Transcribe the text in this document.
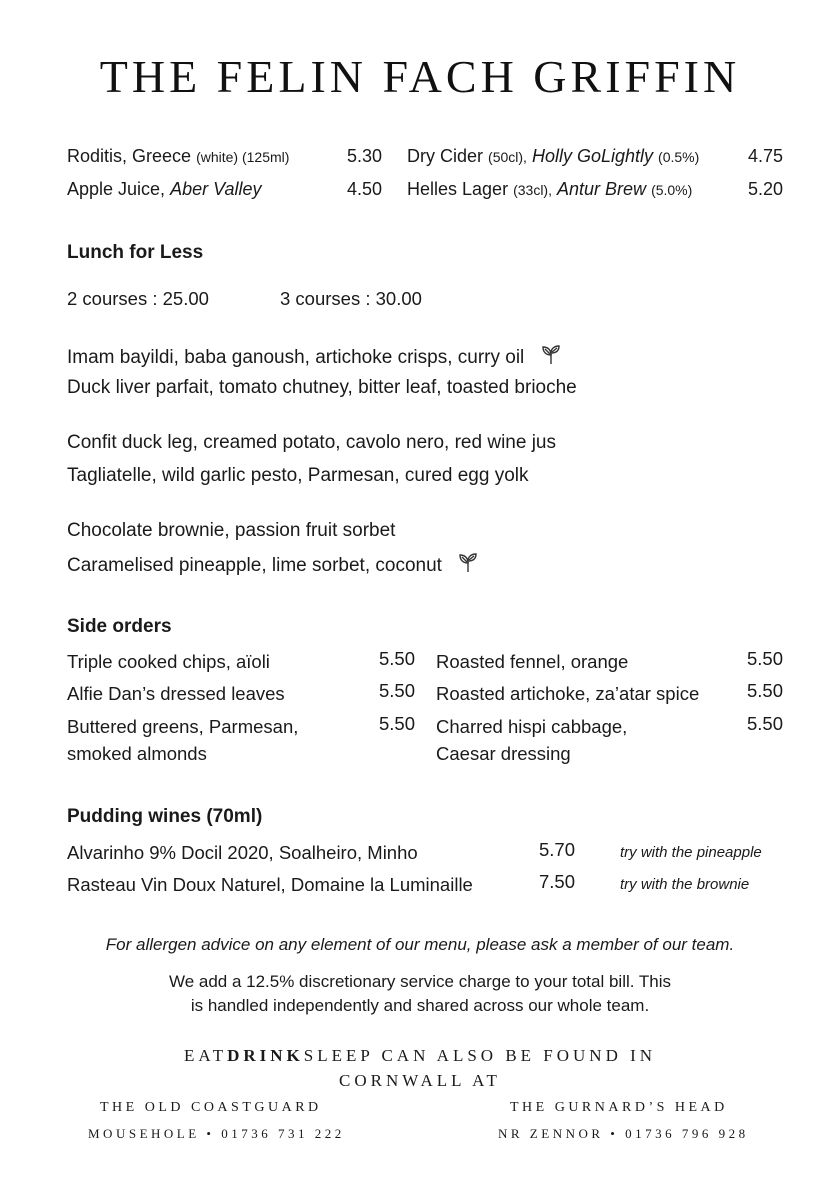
THE FELIN FACH GRIFFIN
Roditis, Greece (white) (125ml)	5.30 Dry Cider (50cl), Holly GoLightly (0.5%)	4.75
Apple Juice, Aber Valley	4.50 Helles Lager (33cl), Antur Brew (5.0%)	5.20
Lunch for Less
2 courses : 25.00	3 courses : 30.00
Imam bayildi, baba ganoush, artichoke crisps, curry oil
Duck liver parfait, tomato chutney, bitter leaf, toasted brioche
Confit duck leg, creamed potato, cavolo nero, red wine jus
Tagliatelle, wild garlic pesto, Parmesan, cured egg yolk
Chocolate brownie, passion fruit sorbet
Caramelised pineapple, lime sorbet, coconut
Side orders
Triple cooked chips, aïoli	5.50
Alfie Dan’s dressed leaves	5.50
Buttered greens, Parmesan,
smoked almonds
5.50
Roasted fennel, orange	5.50
Roasted artichoke, za’atar spice	5.50
Charred hispi cabbage,
Caesar dressing
5.50
Pudding wines (70ml)
Alvarinho 9% Docil 2020, Soalheiro, Minho	5.70	try with the pineapple
Rasteau Vin Doux Naturel, Domaine la Luminaille	7.50	try with the brownie
For allergen advice on any element of our menu, please ask a member of our team.
We add a 12.5% discretionary service charge to your total bill. This
is handled independently and shared across our whole team.
EATDRINKSLEEP CAN ALSO BE FOUND IN
CORNWALL AT
THE OLD COASTGUARD
MOUSEHOLE • 01736 731 222
THE GURNARD’S HEAD
NR ZENNOR • 01736 796 928
